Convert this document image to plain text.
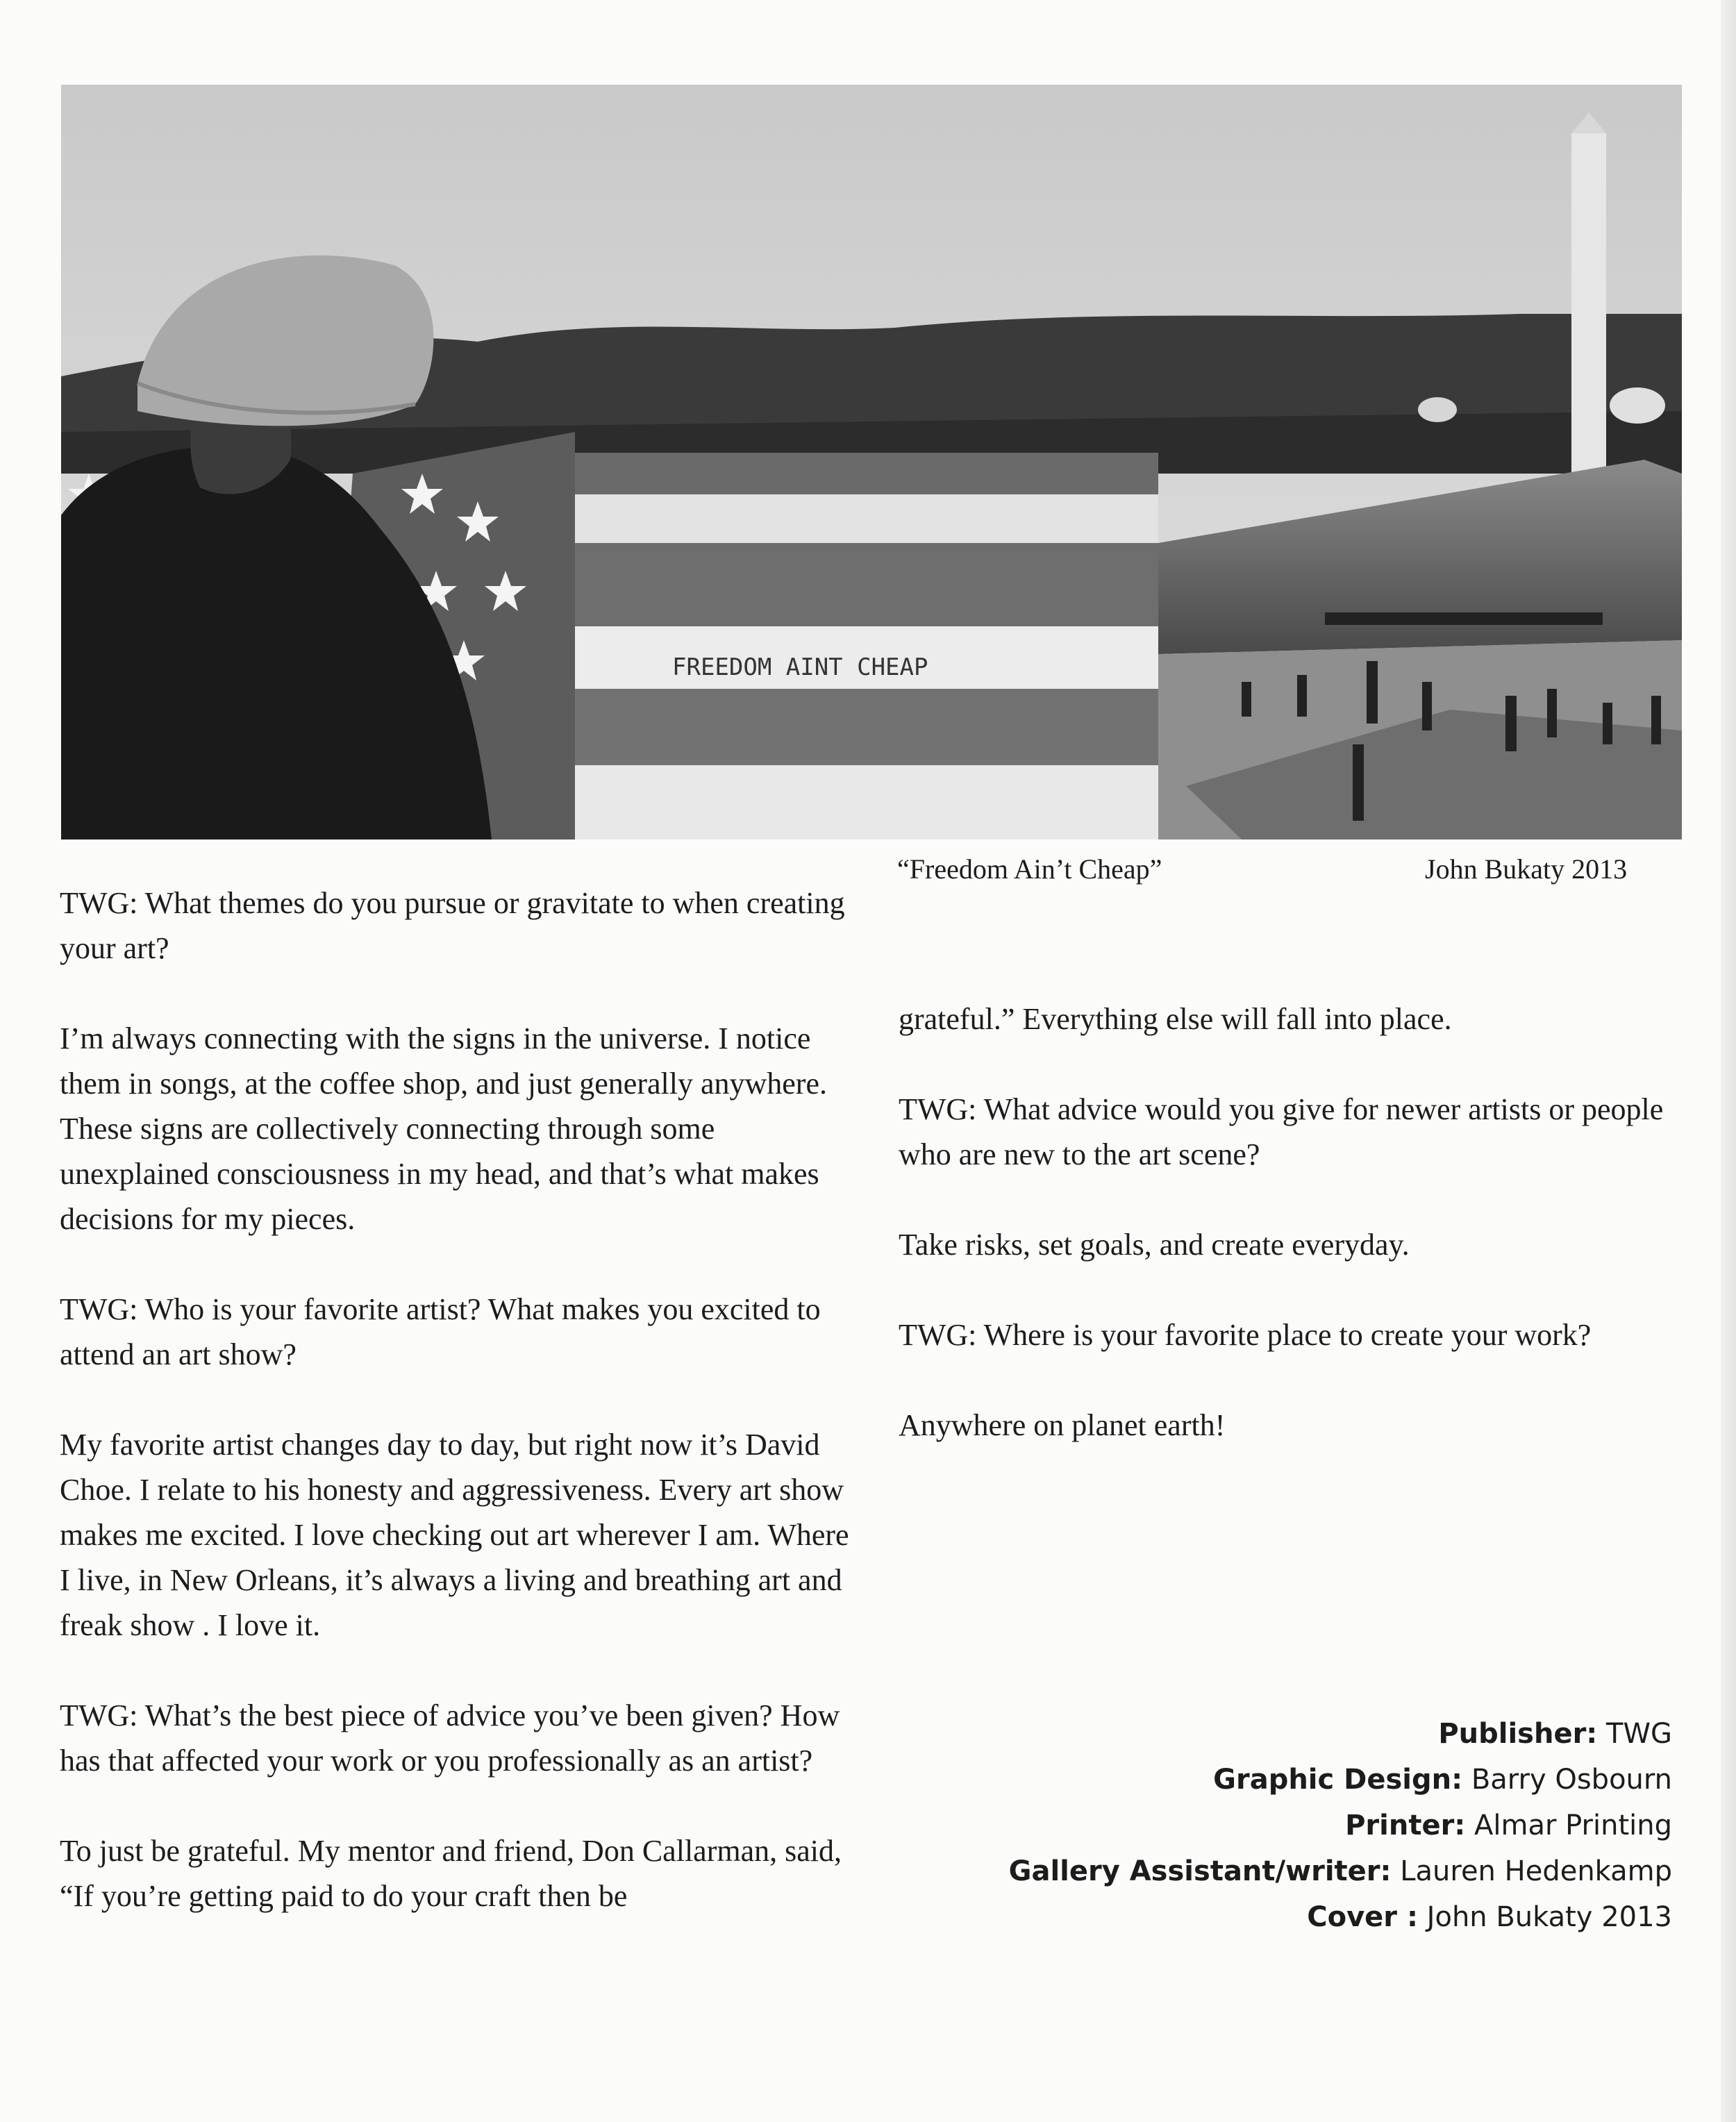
FREEDOM AINT CHEAP
“Freedom Ain’t Cheap”	John Bukaty 2013

TWG: What themes do you pursue or gravitate to when creating your art?

I’m always connecting with the signs in the universe. I notice them in songs, at the coffee shop, and just generally anywhere. These signs are collectively connecting through some unexplained consciousness in my head, and that’s what makes decisions for my pieces.

TWG: Who is your favorite artist? What makes you excited to attend an art show?

My favorite artist changes day to day, but right now it’s David Choe. I relate to his honesty and aggressiveness. Every art show makes me excited. I love checking out art wherever I am. Where I live, in New Orleans, it’s always a living and breathing art and freak show . I love it.

TWG: What’s the best piece of advice you’ve been given? How has that affected your work or you professionally as an artist?

To just be grateful. My mentor and friend, Don Callarman, said, “If you’re getting paid to do your craft then be

grateful.” Everything else will fall into place.

TWG: What advice would you give for newer artists or people who are new to the art scene?

Take risks, set goals, and create everyday.

TWG: Where is your favorite place to create your work?

Anywhere on planet earth!

Publisher: TWG
Graphic Design: Barry Osbourn
Printer: Almar Printing
Gallery Assistant/writer: Lauren Hedenkamp
Cover : John Bukaty 2013
